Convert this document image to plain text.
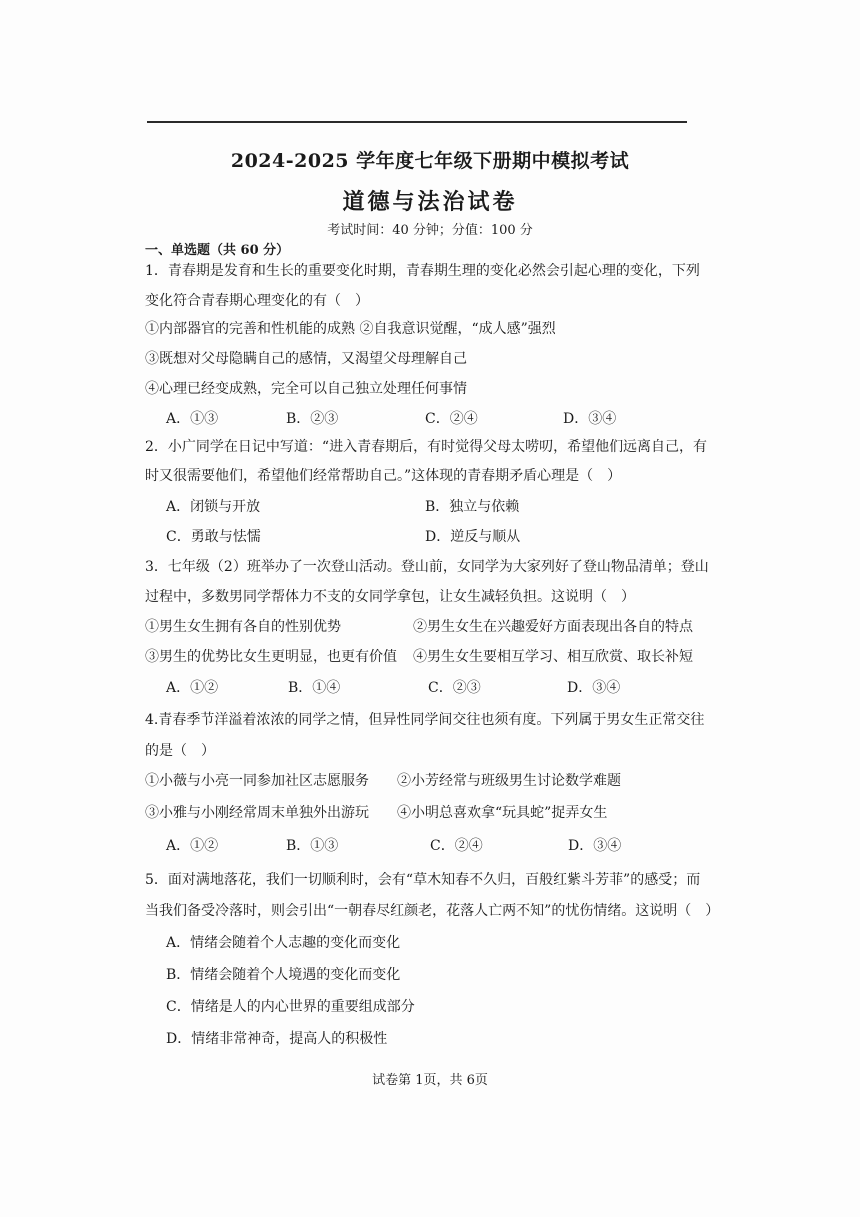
2024-2025 学年度七年级下册期中模拟考试
道德与法治试卷
考试时间：40 分钟；分值：100 分
一、单选题（共 60 分）
1．青春期是发育和生长的重要变化时期，青春期生理的变化必然会引起心理的变化，下列
变化符合青春期心理变化的有（　）
①内部器官的完善和性机能的成熟 ②自我意识觉醒，“成人感”强烈
③既想对父母隐瞒自己的感情，又渴望父母理解自己
④心理已经变成熟，完全可以自己独立处理任何事情
A．①③	B．②③	C．②④	D．③④
2．小广同学在日记中写道：“进入青春期后，有时觉得父母太唠叨，希望他们远离自己，有
时又很需要他们，希望他们经常帮助自己。”这体现的青春期矛盾心理是（　）
A．闭锁与开放	B．独立与依赖
C．勇敢与怯懦	D．逆反与顺从
3．七年级（2）班举办了一次登山活动。登山前，女同学为大家列好了登山物品清单；登山
过程中，多数男同学帮体力不支的女同学拿包，让女生减轻负担。这说明（　）
①男生女生拥有各自的性别优势	②男生女生在兴趣爱好方面表现出各自的特点
③男生的优势比女生更明显，也更有价值 ④男生女生要相互学习、相互欣赏、取长补短
A．①②	B．①④	C．②③	D．③④
4.青春季节洋溢着浓浓的同学之情，但异性同学间交往也须有度。下列属于男女生正常交往
的是（　）
①小薇与小亮一同参加社区志愿服务 ②小芳经常与班级男生讨论数学难题
③小雅与小刚经常周末单独外出游玩 ④小明总喜欢拿“玩具蛇”捉弄女生
A．①②	B．①③	C．②④	D．③④
5．面对满地落花，我们一切顺利时，会有“草木知春不久归，百般红紫斗芳菲”的感受；而
当我们备受冷落时，则会引出“一朝春尽红颜老，花落人亡两不知”的忧伤情绪。这说明（　）
A．情绪会随着个人志趣的变化而变化
B．情绪会随着个人境遇的变化而变化
C．情绪是人的内心世界的重要组成部分
D．情绪非常神奇，提高人的积极性
试卷第 1页，共 6页
